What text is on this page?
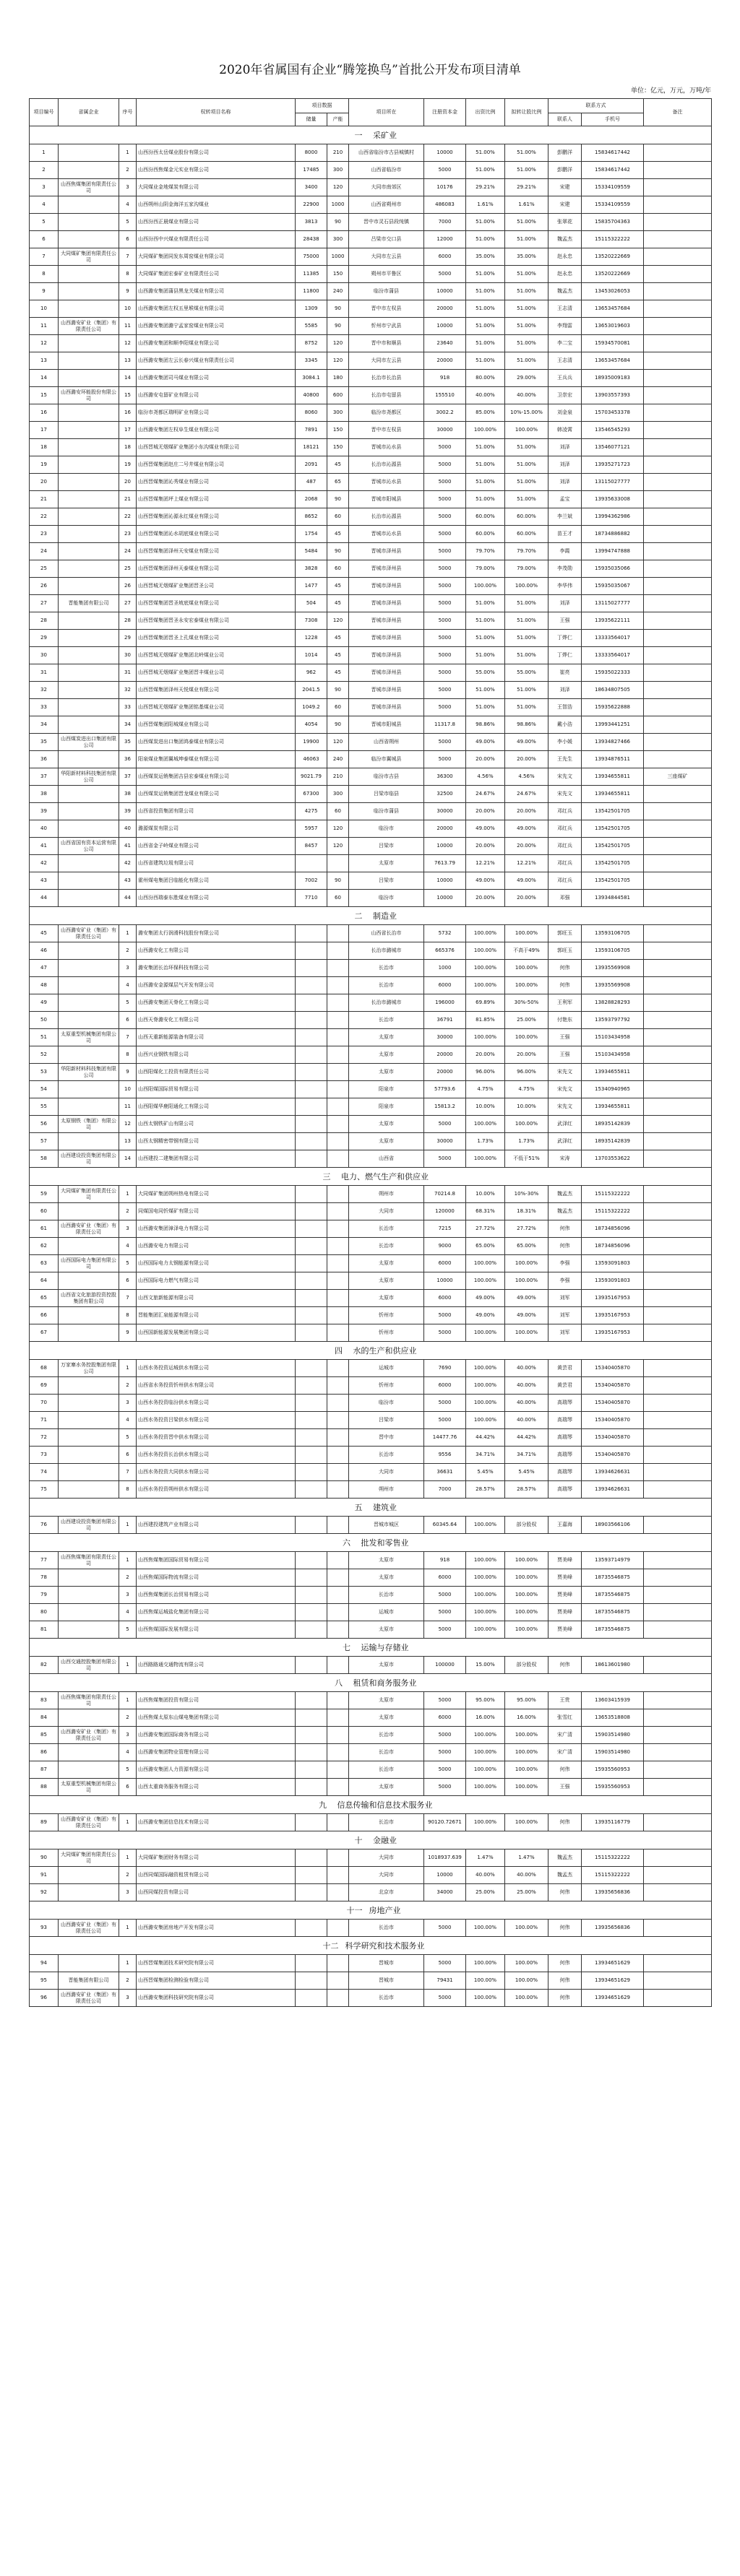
2020年省属国有企业“腾笼换鸟”首批公开发布项目清单
单位：亿元，万元，万吨/年
项目编号	省属企业	序号	权转项目名称	项目数据		项目所在	注册资本金	出资比例	拟转让股比例	联系方式		备注
				储量	产能					联系人	手机号	
一 采矿业												
1		1	山西汾西太岳煤业股份有限公司	8000	210	山西省临汾市古县城镇村	10000	51.00%	51.00%	彭鹏洋	15834617442	
2		2	山西汾西焦煤金元实业有限公司	17485	300	山西省临汾市	5000	51.00%	51.00%	彭鹏洋	15834617442	
3	山西焦煤集团有限责任公司	3	大同煤业金地煤炭有限公司	3400	120	大同市南郊区	10176	29.21%	29.21%	宋建	15334109559	
4		4	山西朔州山阴金海洋五家沟煤业	22900	1000	山西省朔州市	486083	1.61%	1.61%	宋建	15334109559	
5		5	山西汾西正晨煤业有限公司	3813	90	晋中市灵石县段纯镇	7000	51.00%	51.00%	张翠花	15835704363	
6		6	山西汾西中兴煤业有限责任公司	28438	300	吕梁市交口县	12000	51.00%	51.00%	魏孟杰	15115322222	
7	大同煤矿集团有限责任公司	7	大同煤矿集团同发东周窑煤业有限公司	75000	1000	大同市左云县	6000	35.00%	35.00%	赵永忠	13520222669	
8		8	大同煤矿集团宏泰矿业有限责任公司	11385	150	朔州市平鲁区	5000	51.00%	51.00%	赵永忠	13520222669	
9		9	山西潞安集团蒲县黑龙关煤业有限公司	11800	240	临汾市蒲县	10000	51.00%	51.00%	魏孟杰	13453026053	
10		10	山西潞安集团左权五里堠煤业有限公司	1309	90	晋中市左权县	20000	51.00%	51.00%	王志清	13653457684	
11	山西潞安矿业（集团）有限责任公司	11	山西潞安集团潞宁孟家窑煤业有限公司	5585	90	忻州市宁武县	10000	51.00%	51.00%	李翔雷	13653019603	
12		12	山西潞安集团和顺李阳煤业有限公司	8752	120	晋中市和顺县	23640	51.00%	51.00%	李二宝	15934570081	
13		13	山西潞安集团左云长春兴煤业有限责任公司	3345	120	大同市左云县	20000	51.00%	51.00%	王志清	13653457684	
14		14	山西潞安集团司马煤业有限公司	3084.1	180	长治市长治县	918	80.00%	29.00%	王兵兵	18935009183	
15	山西潞安环能股份有限公司	15	山西潞安屯留矿业有限公司	40800	600	长治市屯留县	155510	40.00%	40.00%	卫崇宏	13903557393	
16		16	临汾市尧都区瑞明矿业有限公司	8060	300	临汾市尧都区	3002.2	85.00%	10%-15.00%	刘金泉	15703453378	
17		17	山西潞安集团左权阜生煤业有限公司	7891	150	晋中市左权县	30000	100.00%	100.00%	韩凌霄	13546545293	
18		18	山西晋城无烟煤矿业集团小东沟煤业有限公司	18121	150	晋城市沁水县	5000	51.00%	51.00%	刘泽	13546077121	
19		19	山西晋煤集团赵庄二号井煤业有限公司	2091	45	长治市沁源县	5000	51.00%	51.00%	刘泽	13935271723	
20		20	山西晋煤集团沁秀煤业有限公司	487	65	晋城市沁水县	5000	51.00%	51.00%	刘泽	13115027777	
21		21	山西晋煤集团坪上煤业有限公司	2068	90	晋城市阳城县	5000	51.00%	51.00%	孟宝	13935633008	
22		22	山西晋煤集团沁源永红煤业有限公司	8652	60	长治市沁源县	5000	60.00%	60.00%	李兰斌	13994362986	
23		23	山西晋煤集团沁水胡底煤业有限公司	1754	45	晋城市沁水县	5000	60.00%	60.00%	苗王才	18734886882	
24		24	山西晋煤集团泽州天安煤业有限公司	5484	90	晋城市泽州县	5000	79.70%	79.70%	李霞	13994747888	
25		25	山西晋煤集团泽州天泰煤业有限公司	3828	60	晋城市泽州县	5000	79.00%	79.00%	李茂勋	15935035066	
26		26	山西晋城无烟煤矿业集团晋圣公司	1477	45	晋城市泽州县	5000	100.00%	100.00%	李华伟	15935035067	
27	晋能集团有限公司	27	山西晋煤集团晋圣坡底煤业有限公司	504	45	晋城市泽州县	5000	51.00%	51.00%	刘泽	13115027777	
28		28	山西晋煤集团晋圣永安宏泰煤业有限公司	7308	120	晋城市泽州县	5000	51.00%	51.00%	王强	13935622111	
29		29	山西晋煤集团晋圣上孔煤业有限公司	1228	45	晋城市泽州县	5000	51.00%	51.00%	丁烨仁	13333564017	
30		30	山西晋城无烟煤矿业集团北岭煤业公司	1014	45	晋城市泽州县	5000	51.00%	51.00%	丁烨仁	13333564017	
31		31	山西晋城无烟煤矿业集团晋丰煤业公司	962	45	晋城市泽州县	5000	55.00%	55.00%	崔亮	15935022333	
32		32	山西晋煤集团泽州天悦煤业有限公司	2041.5	90	晋城市泽州县	5000	51.00%	51.00%	刘泽	18634807505	
33		33	山西晋城无烟煤矿业集团铭基煤业公司	1049.2	60	晋城市泽州县	5000	51.00%	51.00%	王智浩	15935622888	
34		34	山西晋煤集团阳城煤业有限公司	4054	90	晋城市阳城县	11317.8	98.86%	98.86%	戴小浩	13993441251	
35	山西煤炭进出口集团有限公司	35	山西煤炭进出口集团鸿泰煤业有限公司	19900	120	山西省朔州	5000	49.00%	49.00%	李小媛	13934827466	
36		36	阳泉煤业集团翼城坤泰煤业有限公司	46063	240	临汾市翼城县	5000	20.00%	20.00%	王先生	13934876511	
37	华阳新材料科技集团有限公司	37	山西煤炭运销集团吉县宏泰煤业有限公司	9021.79	210	临汾市吉县	36300	4.56%	4.56%	宋先文	13934655811	三座煤矿
38		38	山西煤炭运销集团晋龙煤业有限公司	67300	300	吕梁市临县	32500	24.67%	24.67%	宋先文	13934655811	
39		39	山西省投资集团有限公司	4275	60	临汾市蒲县	30000	20.00%	20.00%	邓红兵	13542501705	
40		40	潞源煤炭有限公司	5957	120	临汾市	20000	49.00%	49.00%	邓红兵	13542501705	
41	山西省国有资本运营有限公司	41	山西省金子岭煤业有限公司	8457	120	吕梁市	10000	20.00%	20.00%	邓红兵	13542501705	
42		42	山西省建筑垃圾有限公司			太原市	7613.79	12.21%	12.21%	邓红兵	13542501705	
43		43	霍州煤电集团吕临能化有限公司	7002	90	吕梁市	10000	49.00%	49.00%	邓红兵	13542501705	
44		44	山西汾西瑞泰东胜煤业有限公司	7710	60	临汾市	10000	20.00%	20.00%	邓强	13934844581	
二 制造业												
45	山西潞安矿业（集团）有限责任公司	1	潞安集团太行润滑科技股份有限公司			山西省长治市	5732	100.00%	100.00%	郭旺玉	13593106705	
46		2	山西潞安化工有限公司			长治市潞城市	665376	100.00%	不高于49%	郭旺玉	13593106705	
47		3	潞安集团长治环保科技有限公司			长治市	1000	100.00%	100.00%	何伟	13935569908	
48		4	山西潞安金源煤层气开发有限公司			长治市	6000	100.00%	100.00%	何伟	13935569908	
49		5	山西潞安集团天脊化工有限公司			长治市潞城市	196000	69.89%	30%-50%	王利军	13828828293	
50		6	山西天脊潞安化工有限公司			长治市	36791	81.85%	25.00%	付艳东	13593797792	
51	太原重型机械集团有限公司	7	山西天重新能源装备有限公司			太原市	30000	100.00%	100.00%	王强	15103434958	
52		8	山西兴业钢铁有限公司			太原市	20000	20.00%	20.00%	王强	15103434958	
53	华阳新材料科技集团有限公司	9	山西阳煤化工投资有限责任公司			太原市	20000	96.00%	96.00%	宋先文	13934655811	
54		10	山西阳煤国际贸易有限公司			阳泉市	57793.6	4.75%	4.75%	宋先文	15340940965	
55		11	山西阳煤华鹿阳通化工有限公司			阳泉市	15813.2	10.00%	10.00%	宋先文	13934655811	
56	太原钢铁（集团）有限公司	12	山西太钢铁矿山有限公司			太原市	5000	100.00%	100.00%	武泽红	18935142839	
57		13	山西太钢精密带钢有限公司			太原市	30000	1.73%	1.73%	武泽红	18935142839	
58	山西建设投资集团有限公司	14	山西建投二建集团有限公司			山西省	5000	100.00%	不低于51%	宋涛	13703553622	
三 电力、燃气生产和供应业												
59	大同煤矿集团有限责任公司	1	大同煤矿集团朔州热电有限公司			朔州市	70214.8	10.00%	10%-30%	魏孟杰	15115322222	
60		2	同煤国电同忻煤矿有限公司			大同市	120000	68.31%	18.31%	魏孟杰	15115322222	
61	山西潞安矿业（集团）有限责任公司	3	山西潞安集团漳泽电力有限公司			长治市	7215	27.72%	27.72%	何伟	18734856096	
62		4	山西潞安电力有限公司			长治市	9000	65.00%	65.00%	何伟	18734856096	
63	山西国际电力集团有限公司	5	山西国际电力太钢能源有限公司			太原市	6000	100.00%	100.00%	李强	13593091803	
64		6	山西国际电力燃气有限公司			太原市	10000	100.00%	100.00%	李强	13593091803	
65	山西省文化旅游投资控股集团有限公司	7	山西文旅新能源有限公司			太原市	6000	49.00%	49.00%	刘军	13935167953	
66		8	晋能集团汇泉能源有限公司			忻州市	5000	49.00%	49.00%	刘军	13935167953	
67		9	山西国新能源发展集团有限公司			忻州市	5000	100.00%	100.00%	刘军	13935167953	
四 水的生产和供应业												
68	万家寨水务控股集团有限公司	1	山西水务投资运城供水有限公司			运城市	7690	100.00%	40.00%	黄芸君	15340405870	
69		2	山西省水务投资忻州供水有限公司			忻州市	6000	100.00%	40.00%	黄芸君	15340405870	
70		3	山西水务投资临汾供水有限公司			临汾市	5000	100.00%	40.00%	高瑞琴	15340405870	
71		4	山西水务投资吕梁供水有限公司			吕梁市	5000	100.00%	40.00%	高瑞琴	15340405870	
72		5	山西水务投资晋中供水有限公司			晋中市	14477.76	44.42%	44.42%	高瑞琴	15340405870	
73		6	山西水务投资长治供水有限公司			长治市	9556	34.71%	34.71%	高瑞琴	15340405870	
74		7	山西水务投资大同供水有限公司			大同市	36631	5.45%	5.45%	高瑞琴	13934626631	
75		8	山西水务投资朔州供水有限公司			朔州市	7000	28.57%	28.57%	高瑞琴	13934626631	
五 建筑业												
76	山西建设投资集团有限公司	1	山西建投建筑产业有限公司			晋城市城区	60345.64	100.00%	部分股权	王嘉海	18903566106	
六 批发和零售业												
77	山西焦煤集团有限责任公司	1	山西焦煤集团国际贸易有限公司			太原市	918	100.00%	100.00%	贾美峰	13593714979	
78		2	山西焦煤国际物流有限公司			太原市	6000	100.00%	100.00%	贾美峰	18735546875	
79		3	山西焦煤集团长治贸易有限公司			长治市	5000	100.00%	100.00%	贾美峰	18735546875	
80		4	山西焦煤运城盐化集团有限公司			运城市	5000	100.00%	100.00%	贾美峰	18735546875	
81		5	山西焦煤国际发展有限公司			太原市	5000	100.00%	100.00%	贾美峰	18735546875	
七 运输与存储业												
82	山西交通控股集团有限公司	1	山西路路通交通物流有限公司			太原市	100000	15.00%	部分股权	何伟	18613601980	
八 租赁和商务服务业												
83	山西焦煤集团有限责任公司	1	山西焦煤集团投资有限公司			太原市	5000	95.00%	95.00%	王贵	13603415939	
84		2	山西焦煤太原东山煤电集团有限公司			太原市	6000	16.00%	16.00%	张雪红	13653518808	
85	山西潞安矿业（集团）有限责任公司	3	山西潞安集团国际商务有限公司			长治市	5000	100.00%	100.00%	宋广清	15903514980	
86		4	山西潞安集团物业管理有限公司			长治市	5000	100.00%	100.00%	宋广清	15903514980	
87		5	山西潞安集团人力资源有限公司			长治市	5000	100.00%	100.00%	何伟	15935560953	
88	太原重型机械集团有限公司	6	山西太重商务服务有限公司			太原市	5000	100.00%	100.00%	王强	15935560953	
九 信息传输和信息技术服务业												
89	山西潞安矿业（集团）有限责任公司	1	山西潞安集团信息技术有限公司			长治市	90120.72671	100.00%	100.00%	何伟	13935116779	
十 金融业												
90	大同煤矿集团有限责任公司	1	大同煤矿集团财务有限公司			大同市	1018937.639	1.47%	1.47%	魏孟杰	15115322222	
91		2	山西同煤国际融资租赁有限公司			大同市	10000	40.00%	40.00%	魏孟杰	15115322222	
92		3	山西同煤投资有限公司			北京市	34000	25.00%	25.00%	何伟	13935656836	
十一 房地产业												
93	山西潞安矿业（集团）有限责任公司	1	山西潞安集团房地产开发有限公司			长治市	5000	100.00%	100.00%	何伟	13935656836	
十二 科学研究和技术服务业												
94		1	山西晋煤集团技术研究院有限公司			晋城市	5000	100.00%	100.00%	何伟	13934651629	
95	晋能集团有限公司	2	山西晋煤集团检测检验有限公司			晋城市	79431	100.00%	100.00%	何伟	13934651629	
96	山西潞安矿业（集团）有限责任公司	3	山西潞安集团科技研究院有限公司			长治市	5000	100.00%	100.00%	何伟	13934651629	
